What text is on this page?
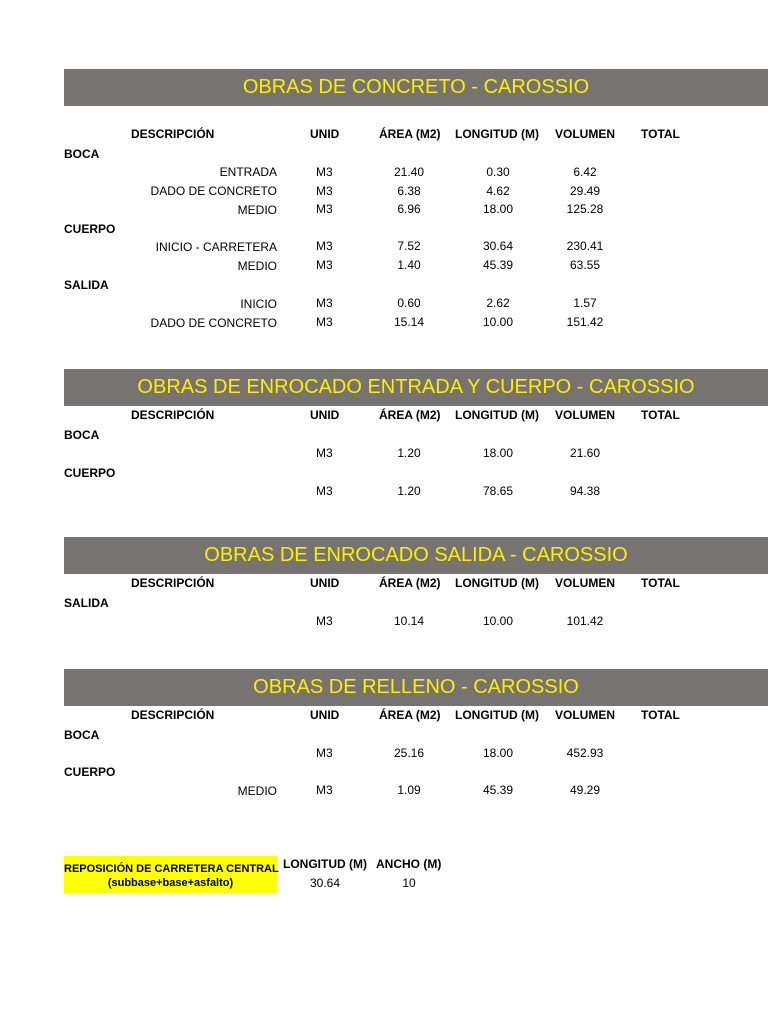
OBRAS DE CONCRETO - CAROSSIO
DESCRIPCIÓN	UNID	ÁREA (M2) LONGITUD (M) VOLUMEN TOTAL
BOCA
ENTRADA	M3	21.40	0.30	6.42
DADO DE CONCRETO	M3	6.38	4.62	29.49
MEDIO	M3	6.96	18.00	125.28
CUERPO
INICIO - CARRETERA	M3	7.52	30.64	230.41
MEDIO	M3	1.40	45.39	63.55
SALIDA
INICIO	M3	0.60	2.62	1.57
DADO DE CONCRETO	M3	15.14	10.00	151.42
OBRAS DE ENROCADO ENTRADA Y CUERPO - CAROSSIO
DESCRIPCIÓN	UNID	ÁREA (M2) LONGITUD (M) VOLUMEN TOTAL
BOCA
M3	1.20	18.00	21.60
CUERPO
M3	1.20	78.65	94.38
OBRAS DE ENROCADO SALIDA - CAROSSIO
DESCRIPCIÓN	UNID	ÁREA (M2) LONGITUD (M) VOLUMEN TOTAL
SALIDA
M3	10.14	10.00	101.42
OBRAS DE RELLENO - CAROSSIO
DESCRIPCIÓN	UNID	ÁREA (M2) LONGITUD (M) VOLUMEN TOTAL
BOCA
M3	25.16	18.00	452.93
CUERPO
MEDIO	M3	1.09	45.39	49.29
REPOSICIÓN DE CARRETERA CENTRAL
(subbase+base+asfalto)
LONGITUD (M) ANCHO (M)
30.64	10
